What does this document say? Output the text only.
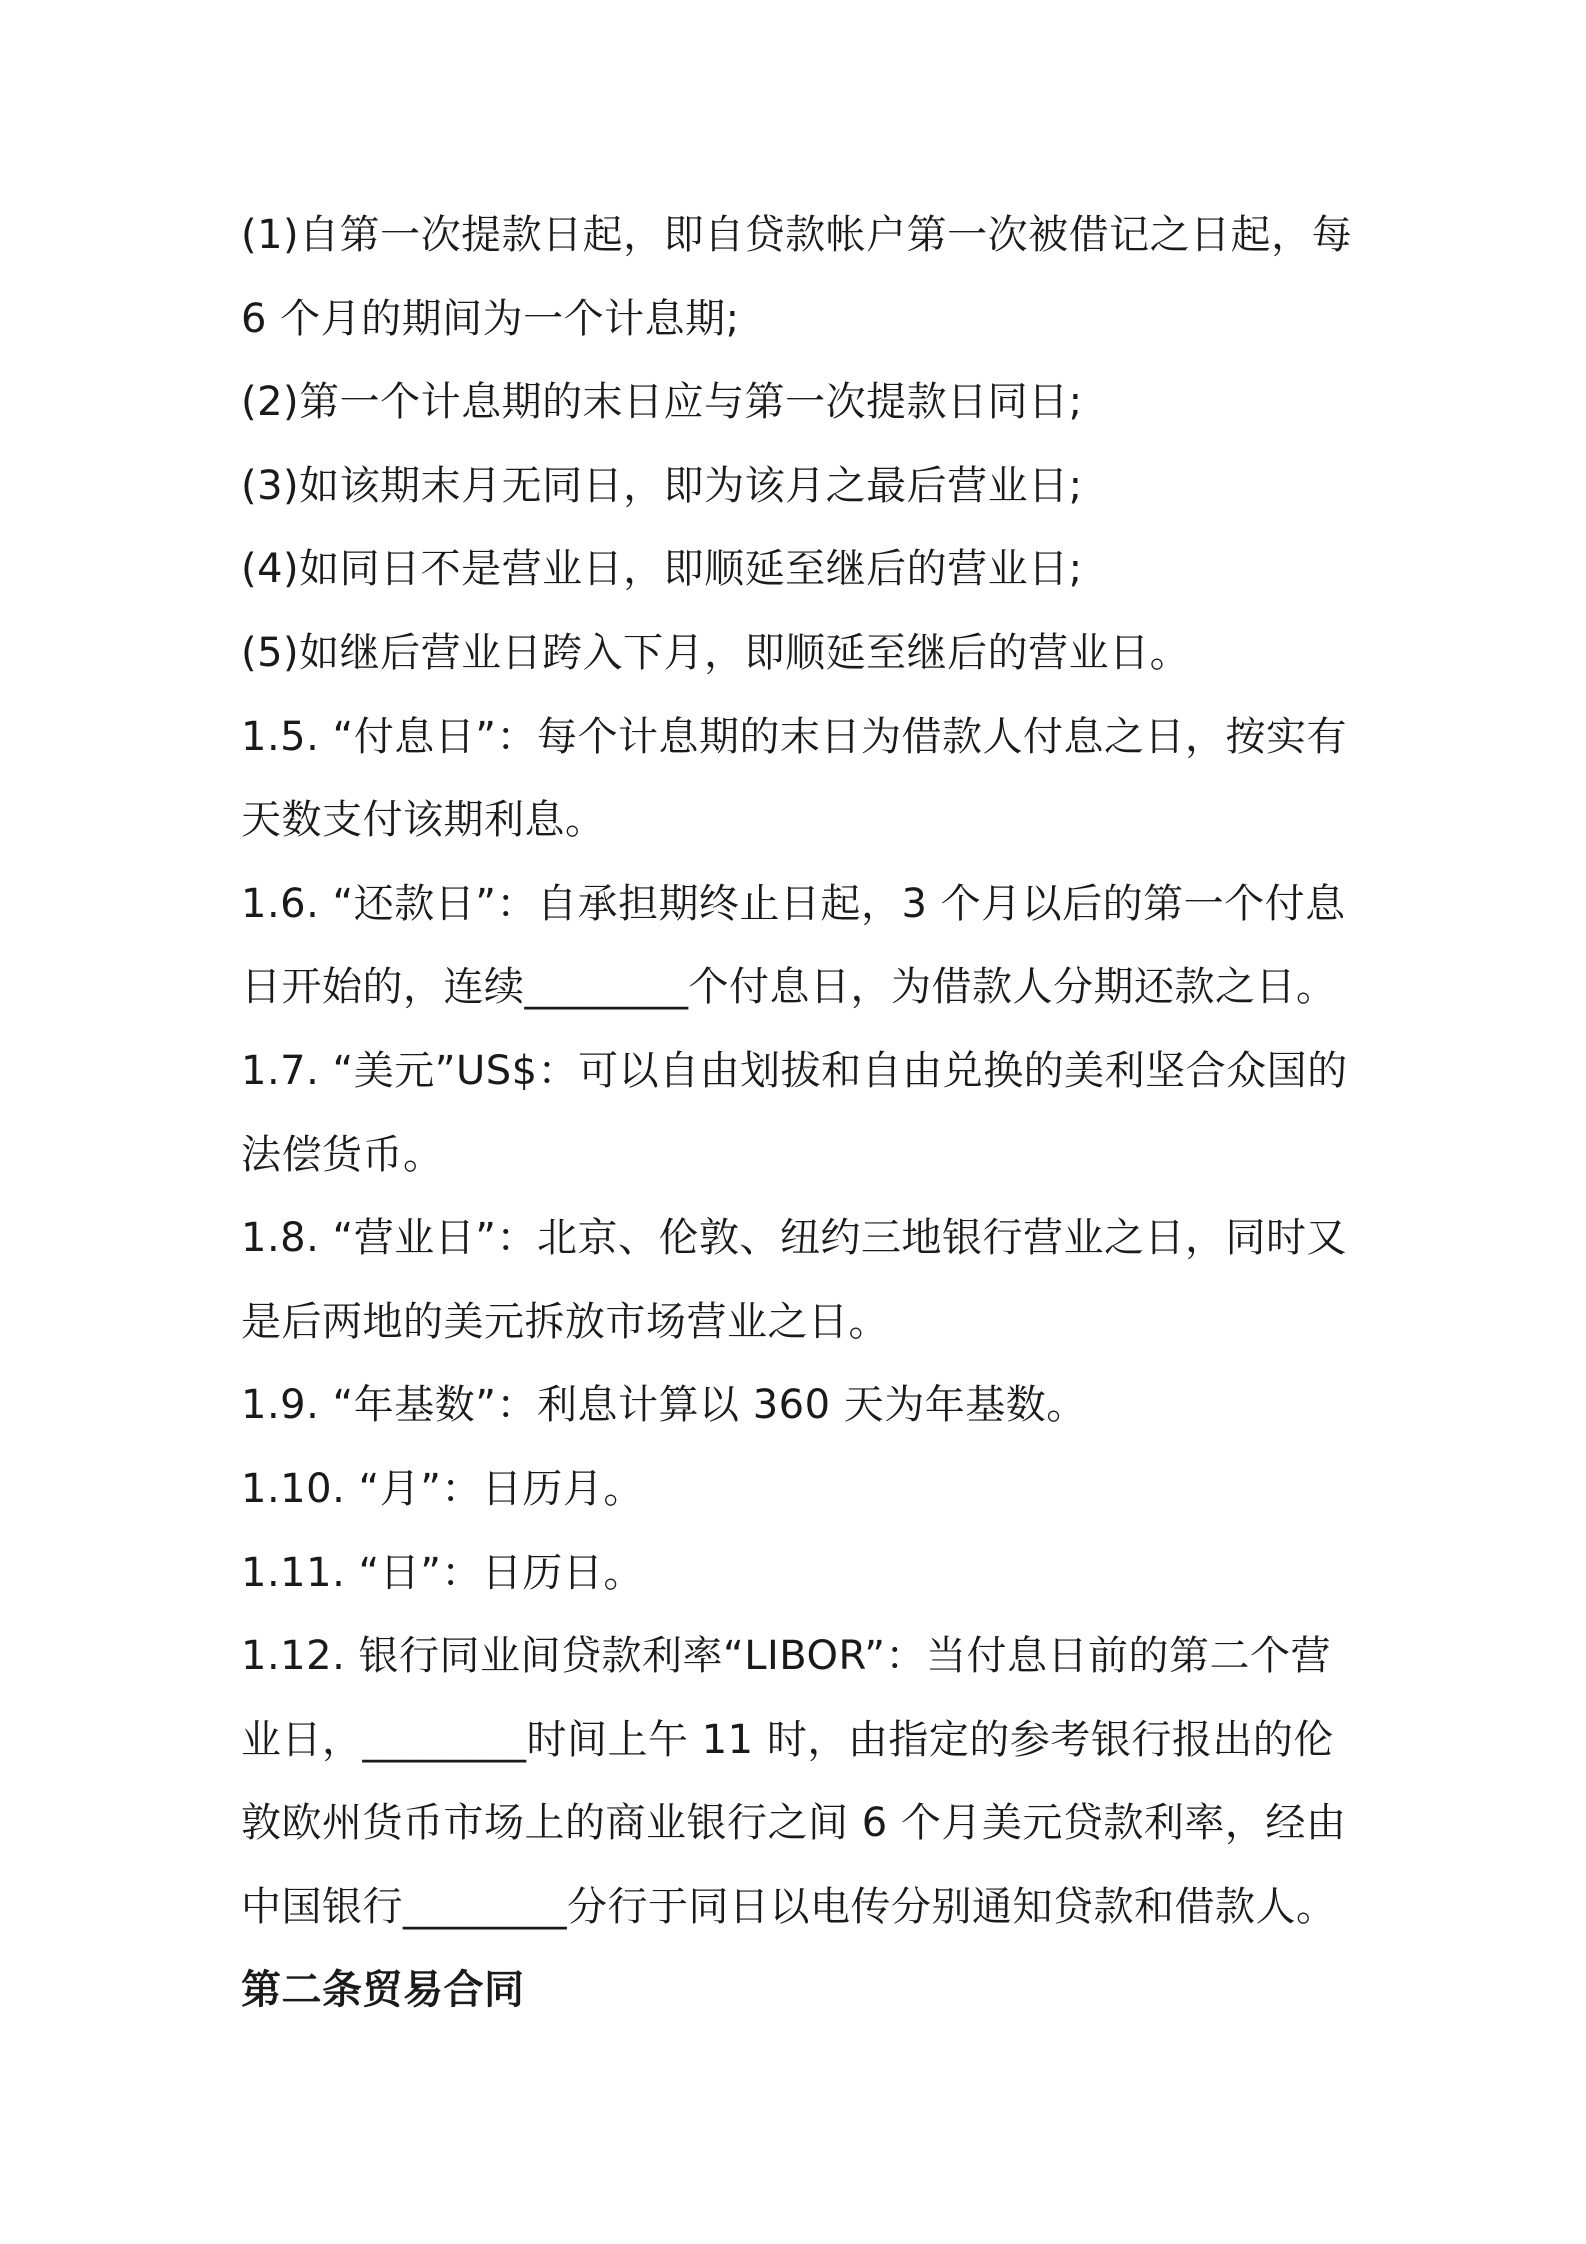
(1)自第一次提款日起，即自贷款帐户第一次被借记之日起，每 6 个月的期间为一个计息期;

(2)第一个计息期的末日应与第一次提款日同日;

(3)如该期末月无同日，即为该月之最后营业日;

(4)如同日不是营业日，即顺延至继后的营业日;

(5)如继后营业日跨入下月，即顺延至继后的营业日。

1.5. “付息日”：每个计息期的末日为借款人付息之日，按实有天数支付该期利息。

1.6. “还款日”：自承担期终止日起，3 个月以后的第一个付息日开始的，连续________个付息日，为借款人分期还款之日。

1.7. “美元”US$：可以自由划拔和自由兑换的美利坚合众国的法偿货币。

1.8. “营业日”：北京、伦敦、纽约三地银行营业之日，同时又是后两地的美元拆放市场营业之日。

1.9. “年基数”：利息计算以 360 天为年基数。

1.10. “月”：日历月。

1.11. “日”：日历日。

1.12. 银行同业间贷款利率“LIBOR”：当付息日前的第二个营业日，________时间上午 11 时，由指定的参考银行报出的伦敦欧州货币市场上的商业银行之间 6 个月美元贷款利率，经由中国银行________分行于同日以电传分别通知贷款和借款人。

第二条贸易合同
